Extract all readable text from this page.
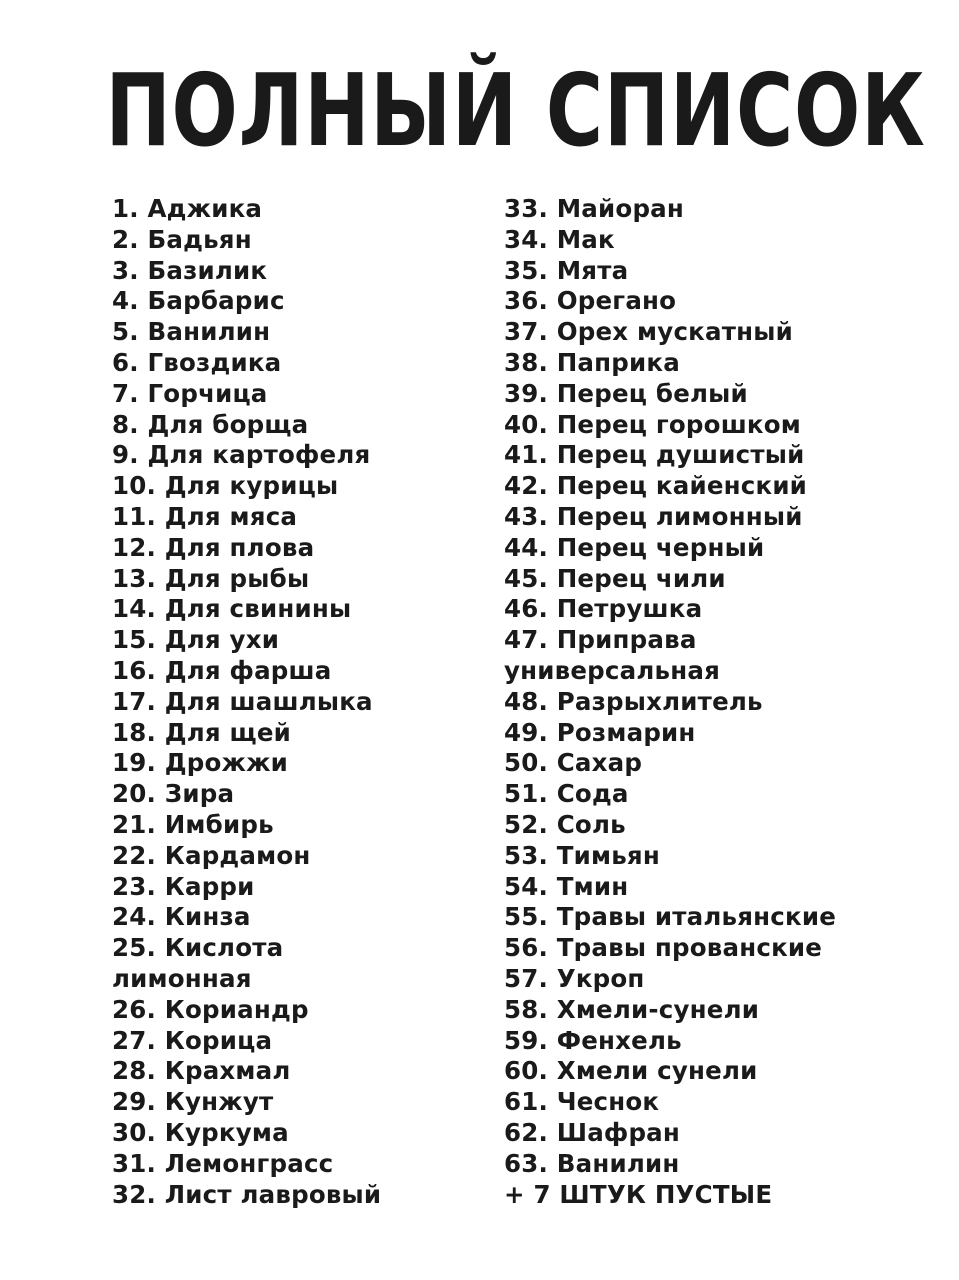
ПОЛНЫЙ СПИСОК
1. Аджика
2. Бадьян
3. Базилик
4. Барбарис
5. Ванилин
6. Гвоздика
7. Горчица
8. Для борща
9. Для картофеля
10. Для курицы
11. Для мяса
12. Для плова
13. Для рыбы
14. Для свинины
15. Для ухи
16. Для фарша
17. Для шашлыка
18. Для щей
19. Дрожжи
20. Зира
21. Имбирь
22. Кардамон
23. Карри
24. Кинза
25. Кислота
лимонная
26. Кориандр
27. Корица
28. Крахмал
29. Кунжут
30. Куркума
31. Лемонграсс
32. Лист лавровый
33. Майоран
34. Мак
35. Мята
36. Орегано
37. Орех мускатный
38. Паприка
39. Перец белый
40. Перец горошком
41. Перец душистый
42. Перец кайенский
43. Перец лимонный
44. Перец черный
45. Перец чили
46. Петрушка
47. Приправа
универсальная
48. Разрыхлитель
49. Розмарин
50. Сахар
51. Сода
52. Соль
53. Тимьян
54. Тмин
55. Травы итальянские
56. Травы прованские
57. Укроп
58. Хмели-сунели
59. Фенхель
60. Хмели сунели
61. Чеснок
62. Шафран
63. Ванилин
+ 7 ШТУК ПУСТЫЕ
